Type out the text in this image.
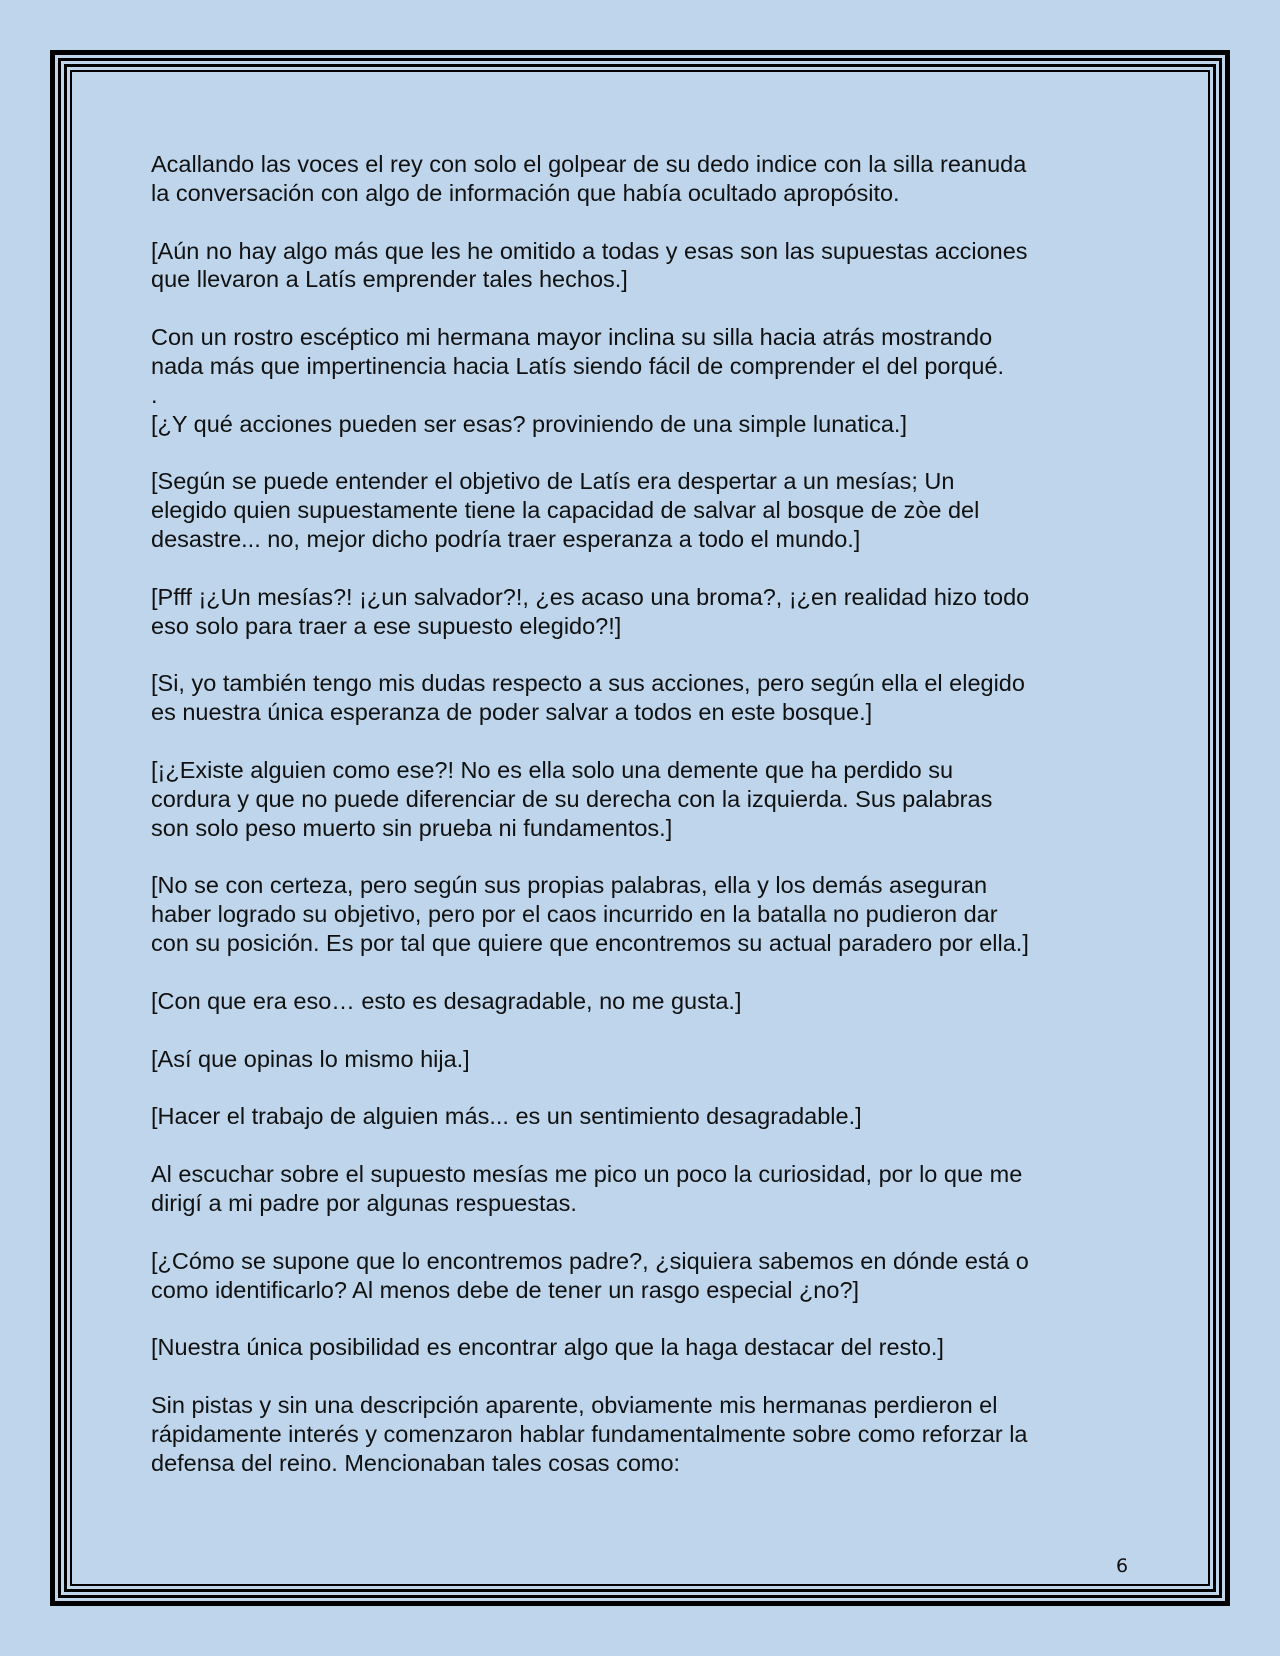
Acallando las voces el rey con solo el golpear de su dedo indice con la silla reanuda
la conversación con algo de información que había ocultado apropósito.

[Aún no hay algo más que les he omitido a todas y esas son las supuestas acciones
que llevaron a Latís emprender tales hechos.]

Con un rostro escéptico mi hermana mayor inclina su silla hacia atrás mostrando
nada más que impertinencia hacia Latís siendo fácil de comprender el del porqué.

.

[¿Y qué acciones pueden ser esas? proviniendo de una simple lunatica.]

[Según se puede entender el objetivo de Latís era despertar a un mesías; Un
elegido quien supuestamente tiene la capacidad de salvar al bosque de zòe del
desastre... no, mejor dicho podría traer esperanza a todo el mundo.]

[Pfff ¡¿Un mesías?! ¡¿un salvador?!, ¿es acaso una broma?, ¡¿en realidad hizo todo
eso solo para traer a ese supuesto elegido?!]

[Si, yo también tengo mis dudas respecto a sus acciones, pero según ella el elegido
es nuestra única esperanza de poder salvar a todos en este bosque.]

[¡¿Existe alguien como ese?! No es ella solo una demente que ha perdido su
cordura y que no puede diferenciar de su derecha con la izquierda. Sus palabras
son solo peso muerto sin prueba ni fundamentos.]

[No se con certeza, pero según sus propias palabras, ella y los demás aseguran
haber logrado su objetivo, pero por el caos incurrido en la batalla no pudieron dar
con su posición. Es por tal que quiere que encontremos su actual paradero por ella.]

[Con que era eso… esto es desagradable, no me gusta.]

[Así que opinas lo mismo hija.]

[Hacer el trabajo de alguien más... es un sentimiento desagradable.]

Al escuchar sobre el supuesto mesías me pico un poco la curiosidad, por lo que me
dirigí a mi padre por algunas respuestas.

[¿Cómo se supone que lo encontremos padre?, ¿siquiera sabemos en dónde está o
como identificarlo? Al menos debe de tener un rasgo especial ¿no?]

[Nuestra única posibilidad es encontrar algo que la haga destacar del resto.]

Sin pistas y sin una descripción aparente, obviamente mis hermanas perdieron el
rápidamente interés y comenzaron hablar fundamentalmente sobre como reforzar la
defensa del reino. Mencionaban tales cosas como:

6
